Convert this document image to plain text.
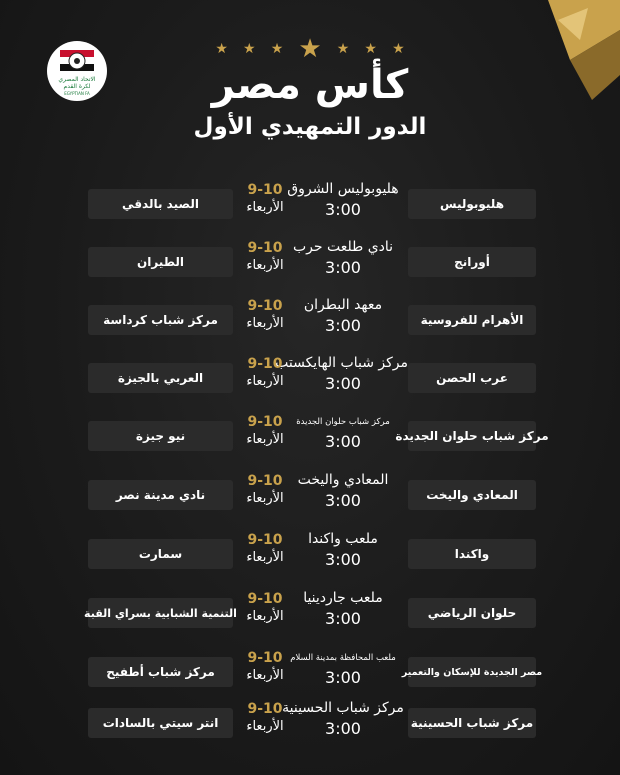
الاتحاد المصري
لكرة القدم
EGYPTIAN FA
★ ★ ★ ★ ★ ★ ★
كأس مصر
الدور التمهيدي الأول
هليوبوليس
هليوبوليس الشروق
3:00
9-10
الأربعاء
الصيد بالدقي
أورانج
نادي طلعت حرب
3:00
9-10
الأربعاء
الطيران
الأهرام للفروسية
معهد البطران
3:00
9-10
الأربعاء
مركز شباب كرداسة
عرب الحصن
مركز شباب الهايكستب
3:00
9-10
الأربعاء
العربي بالجيزة
مركز شباب حلوان الجديدة
مركز شباب حلوان الجديدة
3:00
9-10
الأربعاء
نيو جيزة
المعادي واليخت
المعادي واليخت
3:00
9-10
الأربعاء
نادي مدينة نصر
واكندا
ملعب واكندا
3:00
9-10
الأربعاء
سمارت
حلوان الرياضي
ملعب جاردينيا
3:00
9-10
الأربعاء
التنمية الشبابية بسراي القبة
مصر الجديدة للإسكان والتعمير
ملعب المحافظة بمدينة السلام
3:00
9-10
الأربعاء
مركز شباب أطفيح
مركز شباب الحسينية
مركز شباب الحسينية
3:00
9-10
الأربعاء
انتر سيتي بالسادات
